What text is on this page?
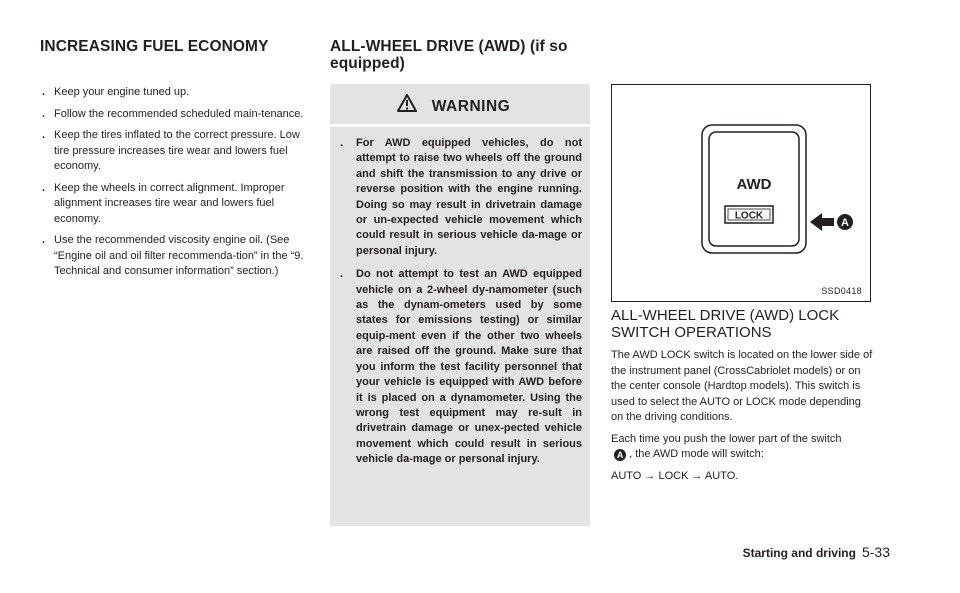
INCREASING FUEL ECONOMY
. Keep your engine tuned up.
. Follow the recommended scheduled main-tenance.
. Keep the tires inflated to the correct pressure. Low tire pressure increases tire wear and lowers fuel economy.
. Keep the wheels in correct alignment. Improper alignment increases tire wear and lowers fuel economy.
. Use the recommended viscosity engine oil. (See “Engine oil and oil filter recommenda-tion” in the “9. Technical and consumer information” section.)
ALL-WHEEL DRIVE (AWD) (if so equipped)
WARNING
. For AWD equipped vehicles, do not attempt to raise two wheels off the ground and shift the transmission to any drive or reverse position with the engine running. Doing so may result in drivetrain damage or un-expected vehicle movement which could result in serious vehicle da-mage or personal injury.
. Do not attempt to test an AWD equipped vehicle on a 2-wheel dy-namometer (such as the dynam-ometers used by some states for emissions testing) or similar equip-ment even if the other two wheels are raised off the ground. Make sure that you inform the test facility personnel that your vehicle is equipped with AWD before it is placed on a dynamometer. Using the wrong test equipment may re-sult in drivetrain damage or unex-pected vehicle movement which could result in serious vehicle da-mage or personal injury.
AWD
LOCK
A
SSD0418
ALL-WHEEL DRIVE (AWD) LOCK SWITCH OPERATIONS

The AWD LOCK switch is located on the lower side of the instrument panel (CrossCabriolet models) or on the center console (Hardtop models). This switch is used to select the AUTO or LOCK mode depending on the driving conditions.

Each time you push the lower part of the switch
A , the AWD mode will switch:

AUTO → LOCK → AUTO.

Starting and driving 5-33
